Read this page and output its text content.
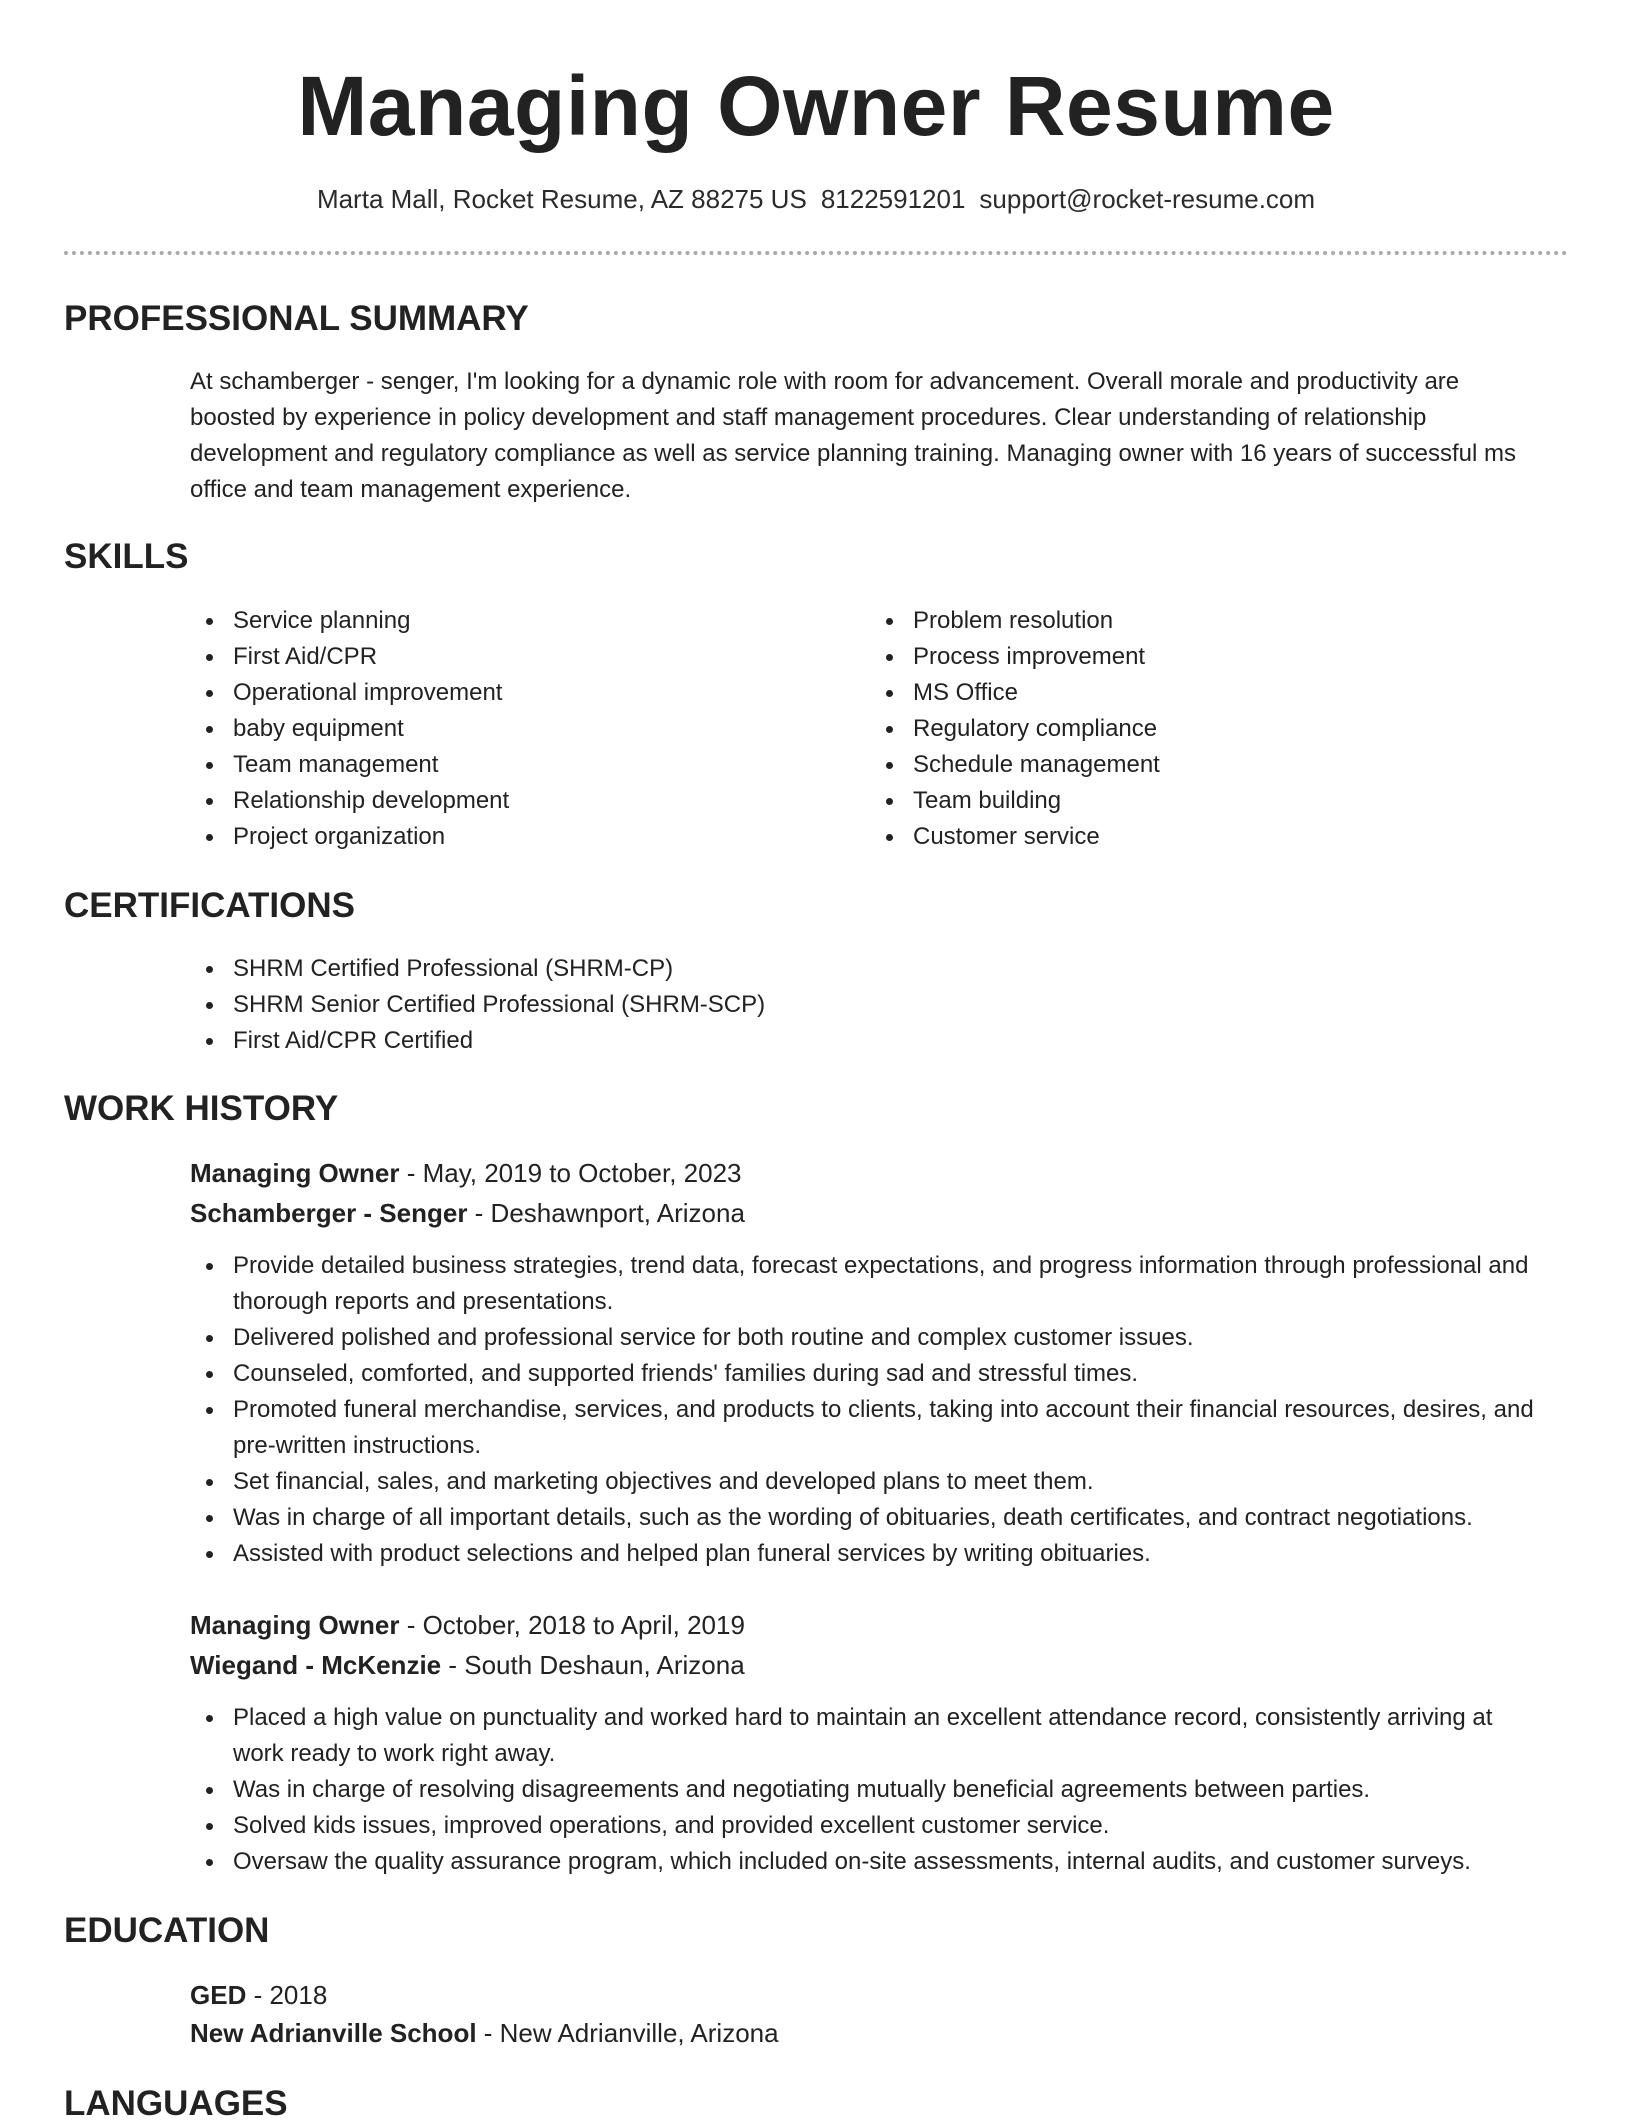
Managing Owner Resume
Marta Mall, Rocket Resume, AZ 88275 US 8122591201 support@rocket-resume.com
PROFESSIONAL SUMMARY

At schamberger - senger, I'm looking for a dynamic role with room for advancement. Overall morale and productivity are boosted by experience in policy development and staff management procedures. Clear understanding of relationship development and regulatory compliance as well as service planning training. Managing owner with 16 years of successful ms office and team management experience.

SKILLS
Service planning
First Aid/CPR
Operational improvement
baby equipment
Team management
Relationship development
Project organization
Problem resolution
Process improvement
MS Office
Regulatory compliance
Schedule management
Team building
Customer service
CERTIFICATIONS
SHRM Certified Professional (SHRM-CP)
SHRM Senior Certified Professional (SHRM-SCP)
First Aid/CPR Certified
WORK HISTORY
Managing Owner - May, 2019 to October, 2023
Schamberger - Senger - Deshawnport, Arizona
Provide detailed business strategies, trend data, forecast expectations, and progress information through professional and thorough reports and presentations.
Delivered polished and professional service for both routine and complex customer issues.
Counseled, comforted, and supported friends' families during sad and stressful times.
Promoted funeral merchandise, services, and products to clients, taking into account their financial resources, desires, and pre-written instructions.
Set financial, sales, and marketing objectives and developed plans to meet them.
Was in charge of all important details, such as the wording of obituaries, death certificates, and contract negotiations.
Assisted with product selections and helped plan funeral services by writing obituaries.
Managing Owner - October, 2018 to April, 2019
Wiegand - McKenzie - South Deshaun, Arizona
Placed a high value on punctuality and worked hard to maintain an excellent attendance record, consistently arriving at work ready to work right away.
Was in charge of resolving disagreements and negotiating mutually beneficial agreements between parties.
Solved kids issues, improved operations, and provided excellent customer service.
Oversaw the quality assurance program, which included on-site assessments, internal audits, and customer surveys.
EDUCATION
GED - 2018
New Adrianville School - New Adrianville, Arizona
LANGUAGES
